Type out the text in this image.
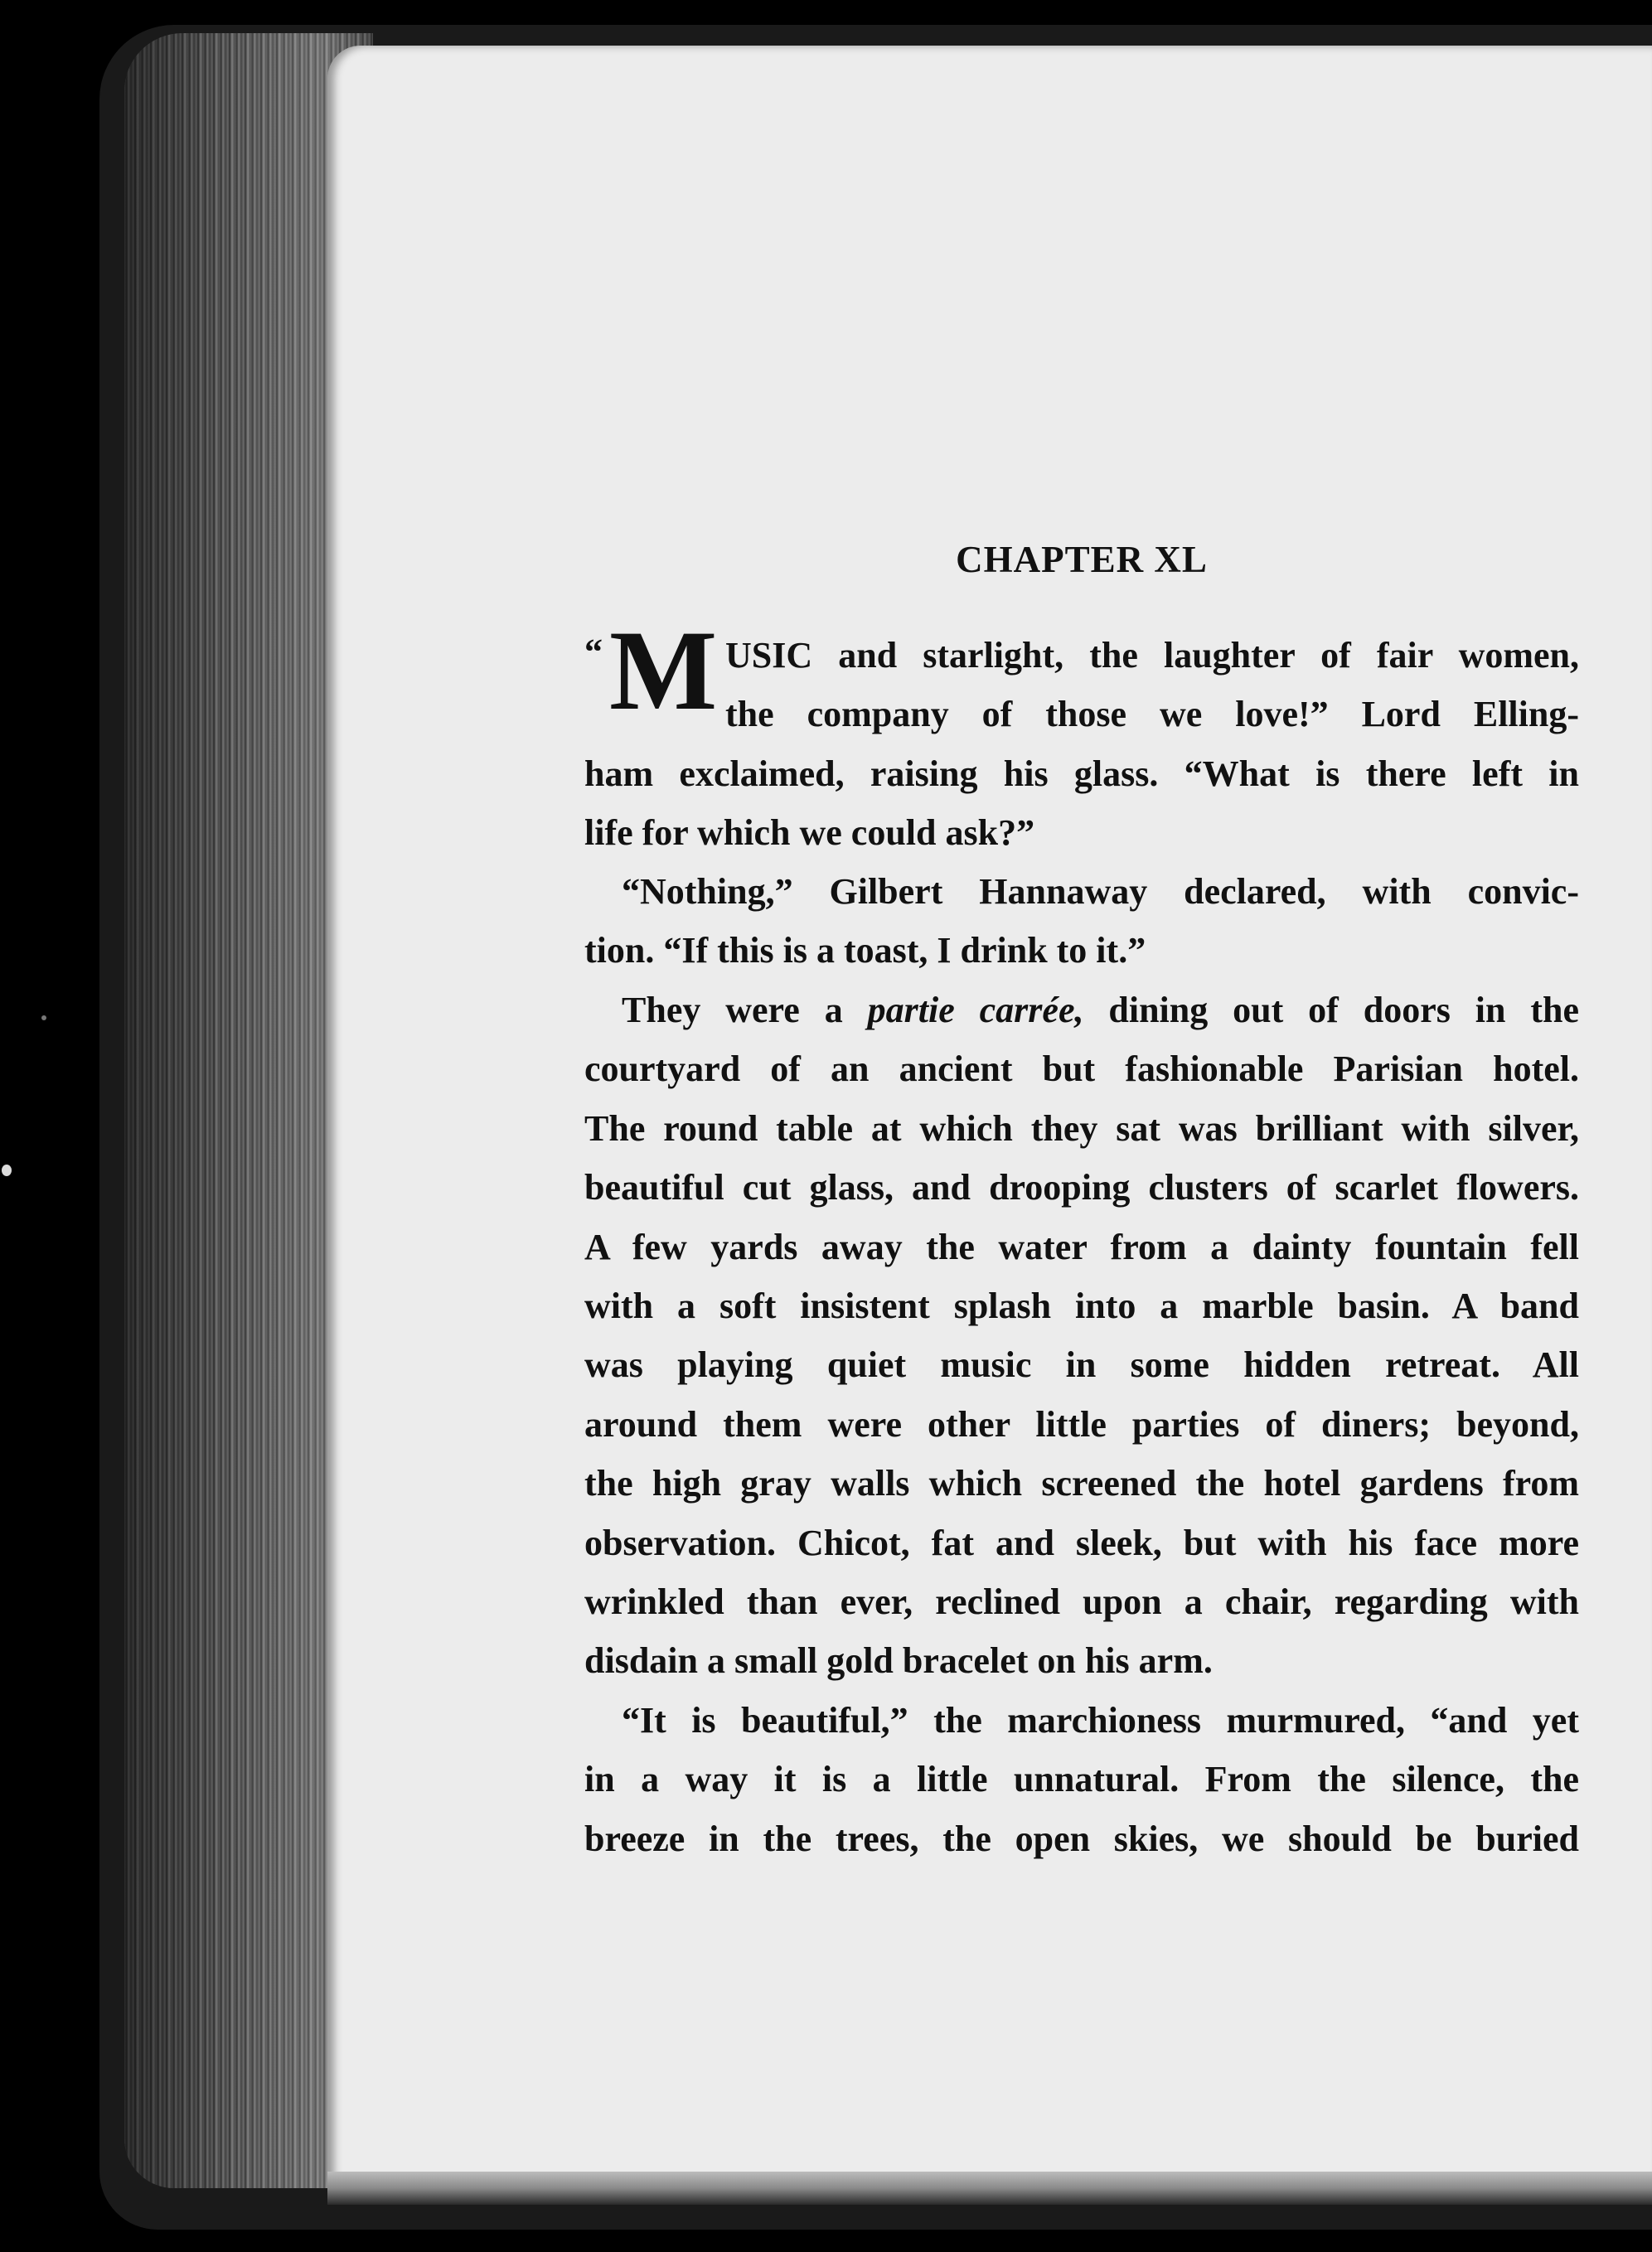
CHAPTER XL
“ M USIC and starlight, the laughter of fair women,
the company of those we love!” Lord Elling-
ham exclaimed, raising his glass. “What is there left in
life for which we could ask?”
“Nothing,” Gilbert Hannaway declared, with convic-
tion. “If this is a toast, I drink to it.”
They were a partie carrée, dining out of doors in the
courtyard of an ancient but fashionable Parisian hotel.
The round table at which they sat was brilliant with silver,
beautiful cut glass, and drooping clusters of scarlet flowers.
A few yards away the water from a dainty fountain fell
with a soft insistent splash into a marble basin. A band
was playing quiet music in some hidden retreat. All
around them were other little parties of diners; beyond,
the high gray walls which screened the hotel gardens from
observation. Chicot, fat and sleek, but with his face more
wrinkled than ever, reclined upon a chair, regarding with
disdain a small gold bracelet on his arm.
“It is beautiful,” the marchioness murmured, “and yet
in a way it is a little unnatural. From the silence, the
breeze in the trees, the open skies, we should be buried
